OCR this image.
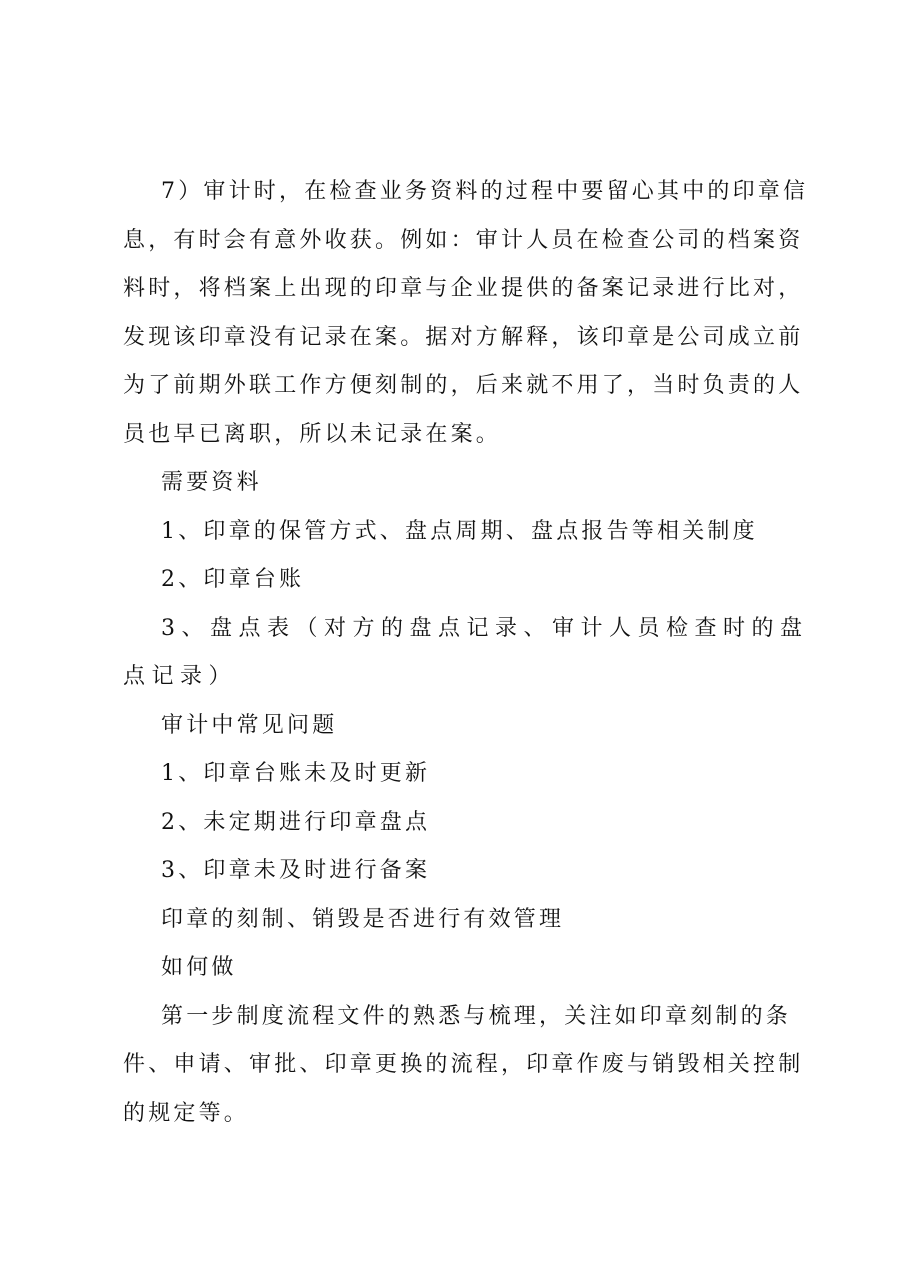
7）审计时，在检查业务资料的过程中要留心其中的印章信息，有时会有意外收获。例如：审计人员在检查公司的档案资料时，将档案上出现的印章与企业提供的备案记录进行比对，发现该印章没有记录在案。据对方解释，该印章是公司成立前为了前期外联工作方便刻制的，后来就不用了，当时负责的人员也早已离职，所以未记录在案。

需要资料

1、印章的保管方式、盘点周期、盘点报告等相关制度

2、印章台账

3、盘点表（对方的盘点记录、审计人员检查时的盘点记录）

审计中常见问题

1、印章台账未及时更新

2、未定期进行印章盘点

3、印章未及时进行备案

印章的刻制、销毁是否进行有效管理

如何做

第一步制度流程文件的熟悉与梳理，关注如印章刻制的条件、申请、审批、印章更换的流程，印章作废与销毁相关控制的规定等。
